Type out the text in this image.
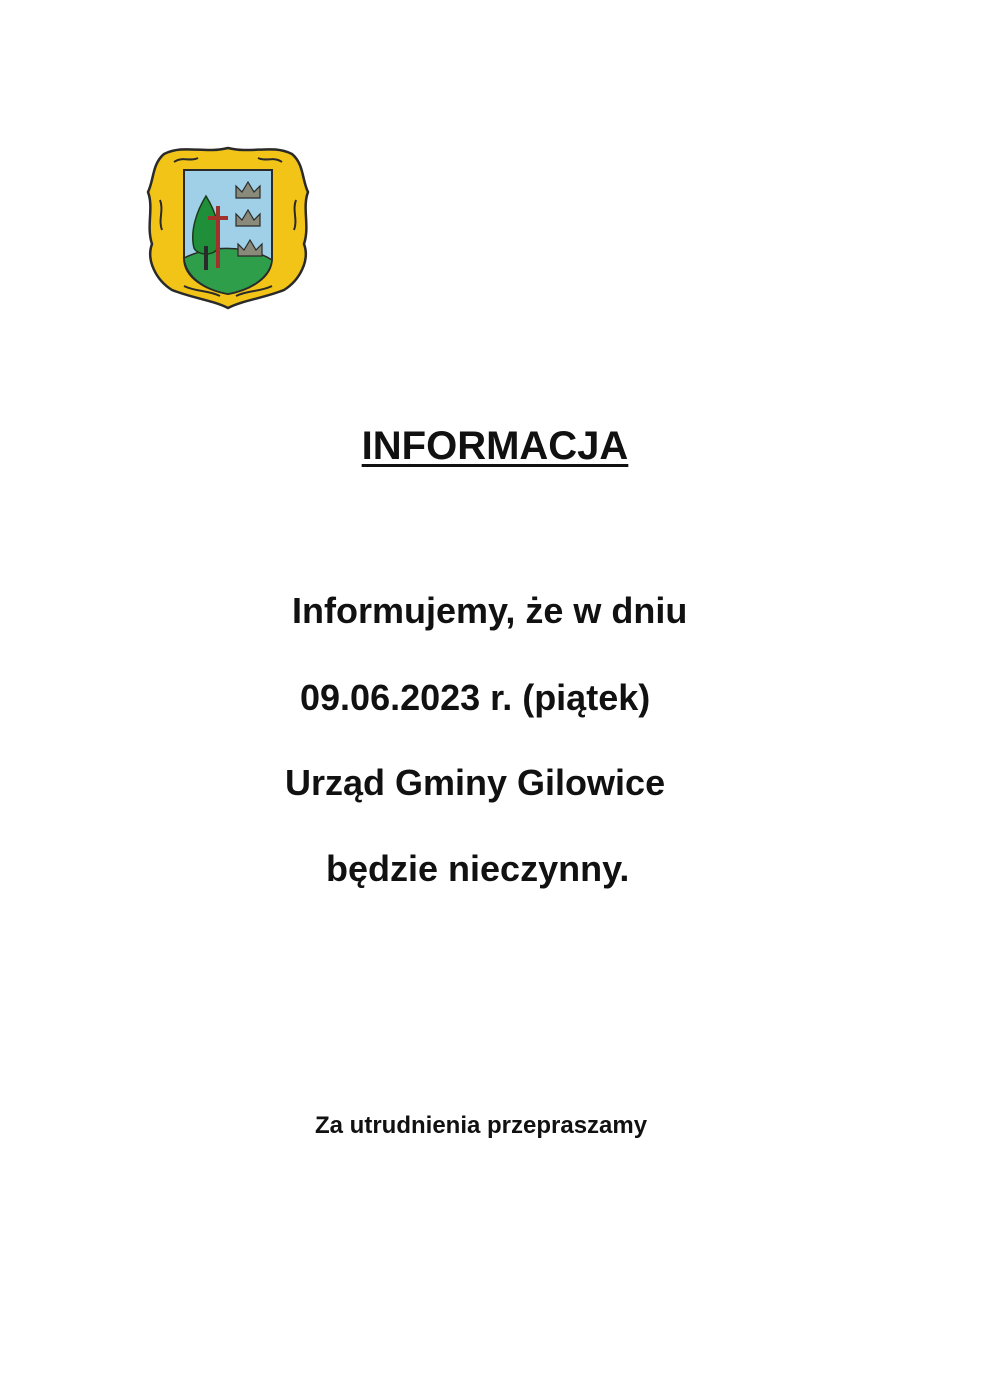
INFORMACJA
Informujemy, że w dniu
09.06.2023 r. (piątek)
Urząd Gminy Gilowice
będzie nieczynny.
Za utrudnienia przepraszamy
